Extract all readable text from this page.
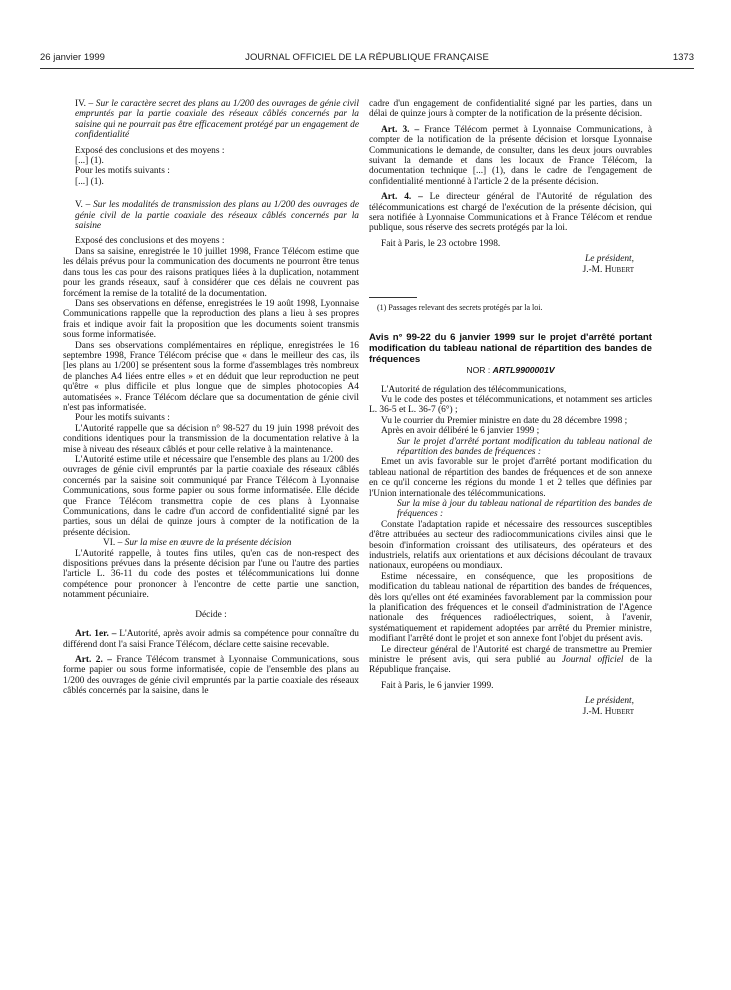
26 janvier 1999	JOURNAL OFFICIEL DE LA RÉPUBLIQUE FRANÇAISE	1373

IV. – Sur le caractère secret des plans au 1/200 des ouvrages de génie civil empruntés par la partie coaxiale des réseaux câblés concernés par la saisine qui ne pourrait pas être efficacement protégé par un engagement de confidentialité

Exposé des conclusions et des moyens :

[...] (1).

Pour les motifs suivants :

[...] (1).

V. – Sur les modalités de transmission des plans au 1/200 des ouvrages de génie civil de la partie coaxiale des réseaux câblés concernés par la saisine

Exposé des conclusions et des moyens :

Dans sa saisine, enregistrée le 10 juillet 1998, France Télécom estime que les délais prévus pour la communication des documents ne pourront être tenus dans tous les cas pour des raisons pratiques liées à la duplication, notamment pour les grands réseaux, sauf à considérer que ces délais ne couvrent pas forcément la remise de la totalité de la documentation.

Dans ses observations en défense, enregistrées le 19 août 1998, Lyonnaise Communications rappelle que la reproduction des plans a lieu à ses propres frais et indique avoir fait la proposition que les documents soient transmis sous forme informatisée.

Dans ses observations complémentaires en réplique, enregistrées le 16 septembre 1998, France Télécom précise que « dans le meilleur des cas, ils [les plans au 1/200] se présentent sous la forme d'assemblages très nombreux de planches A4 liées entre elles » et en déduit que leur reproduction ne peut qu'être « plus difficile et plus longue que de simples photocopies A4 automatisées ». France Télécom déclare que sa documentation de génie civil n'est pas informatisée.

Pour les motifs suivants :

L'Autorité rappelle que sa décision n° 98-527 du 19 juin 1998 prévoit des conditions identiques pour la transmission de la documentation relative à la mise à niveau des réseaux câblés et pour celle relative à la maintenance.

L'Autorité estime utile et nécessaire que l'ensemble des plans au 1/200 des ouvrages de génie civil empruntés par la partie coaxiale des réseaux câblés concernés par la saisine soit communiqué par France Télécom à Lyonnaise Communications, sous forme papier ou sous forme informatisée. Elle décide que France Télécom transmettra copie de ces plans à Lyonnaise Communications, dans le cadre d'un accord de confidentialité signé par les parties, sous un délai de quinze jours à compter de la notification de la présente décision.

VI. – Sur la mise en œuvre de la présente décision

L'Autorité rappelle, à toutes fins utiles, qu'en cas de non-respect des dispositions prévues dans la présente décision par l'une ou l'autre des parties l'article L. 36-11 du code des postes et télécommunications lui donne compétence pour prononcer à l'encontre de cette partie une sanction, notamment pécuniaire.

Décide :

Art. 1er. – L'Autorité, après avoir admis sa compétence pour connaître du différend dont l'a saisi France Télécom, déclare cette saisine recevable.

Art. 2. – France Télécom transmet à Lyonnaise Communications, sous forme papier ou sous forme informatisée, copie de l'ensemble des plans au 1/200 des ouvrages de génie civil empruntés par la partie coaxiale des réseaux câblés concernés par la saisine, dans le

cadre d'un engagement de confidentialité signé par les parties, dans un délai de quinze jours à compter de la notification de la présente décision.

Art. 3. – France Télécom permet à Lyonnaise Communications, à compter de la notification de la présente décision et lorsque Lyonnaise Communications le demande, de consulter, dans les deux jours ouvrables suivant la demande et dans les locaux de France Télécom, la documentation technique [...] (1), dans le cadre de l'engagement de confidentialité mentionné à l'article 2 de la présente décision.

Art. 4. – Le directeur général de l'Autorité de régulation des télécommunications est chargé de l'exécution de la présente décision, qui sera notifiée à Lyonnaise Communications et à France Télécom et rendue publique, sous réserve des secrets protégés par la loi.

Fait à Paris, le 23 octobre 1998.

Le président,

J.-M. Hubert

(1) Passages relevant des secrets protégés par la loi.

Avis n° 99-22 du 6 janvier 1999 sur le projet d'arrêté portant modification du tableau national de répartition des bandes de fréquences

NOR : ARTL9900001V

L'Autorité de régulation des télécommunications,

Vu le code des postes et télécommunications, et notamment ses articles L. 36-5 et L. 36-7 (6°) ;

Vu le courrier du Premier ministre en date du 28 décembre 1998 ;

Après en avoir délibéré le 6 janvier 1999 ;

Sur le projet d'arrêté portant modification du tableau national de répartition des bandes de fréquences :

Emet un avis favorable sur le projet d'arrêté portant modification du tableau national de répartition des bandes de fréquences et de son annexe en ce qu'il concerne les régions du monde 1 et 2 telles que définies par l'Union internationale des télécommunications.

Sur la mise à jour du tableau national de répartition des bandes de fréquences :

Constate l'adaptation rapide et nécessaire des ressources susceptibles d'être attribuées au secteur des radiocommunications civiles ainsi que le besoin d'information croissant des utilisateurs, des opérateurs et des industriels, relatifs aux orientations et aux décisions découlant de travaux nationaux, européens ou mondiaux.

Estime nécessaire, en conséquence, que les propositions de modification du tableau national de répartition des bandes de fréquences, dès lors qu'elles ont été examinées favorablement par la commission pour la planification des fréquences et le conseil d'administration de l'Agence nationale des fréquences radioélectriques, soient, à l'avenir, systématiquement et rapidement adoptées par arrêté du Premier ministre, modifiant l'arrêté dont le projet et son annexe font l'objet du présent avis.

Le directeur général de l'Autorité est chargé de transmettre au Premier ministre le présent avis, qui sera publié au Journal officiel de la République française.

Fait à Paris, le 6 janvier 1999.

Le président,

J.-M. Hubert
